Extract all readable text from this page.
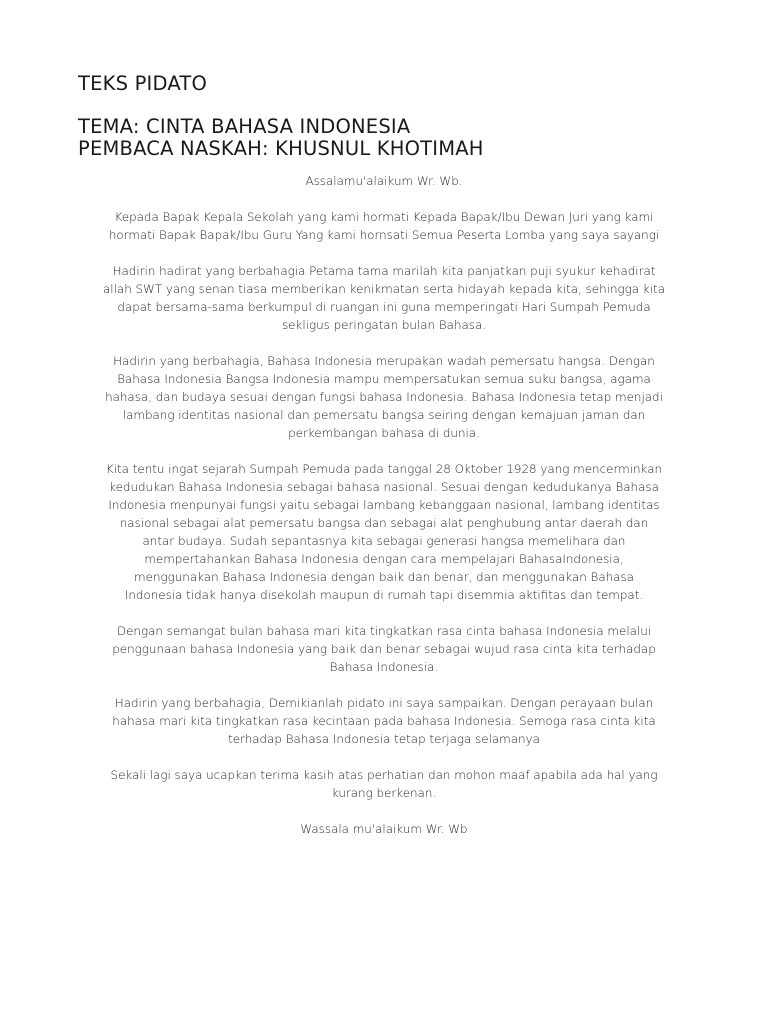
TEKS PIDATO
TEMA: CINTA BAHASA INDONESIA
PEMBACA NASKAH: KHUSNUL KHOTIMAH

Assalamu'alaikum Wr. Wb.

Kepada Bapak Kepala Sekolah yang kami hormati Kepada Bapak/Ibu Dewan Juri yang kami
hormati Bapak Bapak/Ibu Guru Yang kami hornsati Semua Peserta Lomba yang saya sayangi

Hadirin hadirat yang berbahagia Petama tama marilah kita panjatkan puji syukur kehadirat
allah SWT yang senan tiasa memberikan kenikmatan serta hidayah kepada kita, sehingga kita
dapat bersama-sama berkumpul di ruangan ini guna memperingati Hari Sumpah Pemuda
sekligus peringatan bulan Bahasa.

Hadirin yang berbahagia, Bahasa Indonesia merupakan wadah pemersatu hangsa. Dengan
Bahasa Indonesia Bangsa Indonesia mampu mempersatukan semua suku bangsa, agama
hahasa, dan budaya sesuai dengan fungsi bahasa Indonesia. Bahasa Indonesia tetap menjadi
lambang identitas nasional dan pemersatu bangsa seiring dengan kemajuan jaman dan
perkembangan bahasa di dunia.

Kita tentu ingat sejarah Sumpah Pemuda pada tanggal 28 Oktober 1928 yang mencerminkan
kedudukan Bahasa Indonesia sebagai bahasa nasional. Sesuai dengan kedudukanya Bahasa
Indonesia menpunyai fungsi yaitu sebagai lambang kebanggaan nasional, lambang identitas
nasional sebagai alat pemersatu bangsa dan sebagai alat penghubung antar daerah dan
antar budaya. Sudah sepantasnya kita sebagai generasi hangsa memelihara dan
mempertahankan Bahasa Indonesia dengan cara mempelajari BahasaIndonesia,
menggunakan Bahasa Indonesia dengan baik dan benar, dan menggunakan Bahasa
Indonesia tidak hanya disekolah maupun di rumah tapi disemmia aktifitas dan tempat.

Dengan semangat bulan bahasa mari kita tingkatkan rasa cinta bahasa Indonesia melalui
penggunaan bahasa Indonesia yang baik dan benar sebagai wujud rasa cinta kita terhadap
Bahasa Indonesia.

Hadirin yang berbahagia, Demikianlah pidato ini saya sampaikan. Dengan perayaan bulan
hahasa mari kita tingkatkan rasa kecintaan pada bahasa Indonesia. Semoga rasa cinta kita
terhadap Bahasa Indonesia tetap terjaga selamanya

Sekali lagi saya ucapkan terima kasih atas perhatian dan mohon maaf apabila ada hal yang
kurang berkenan.

Wassala mu'alaikum Wr. Wb
